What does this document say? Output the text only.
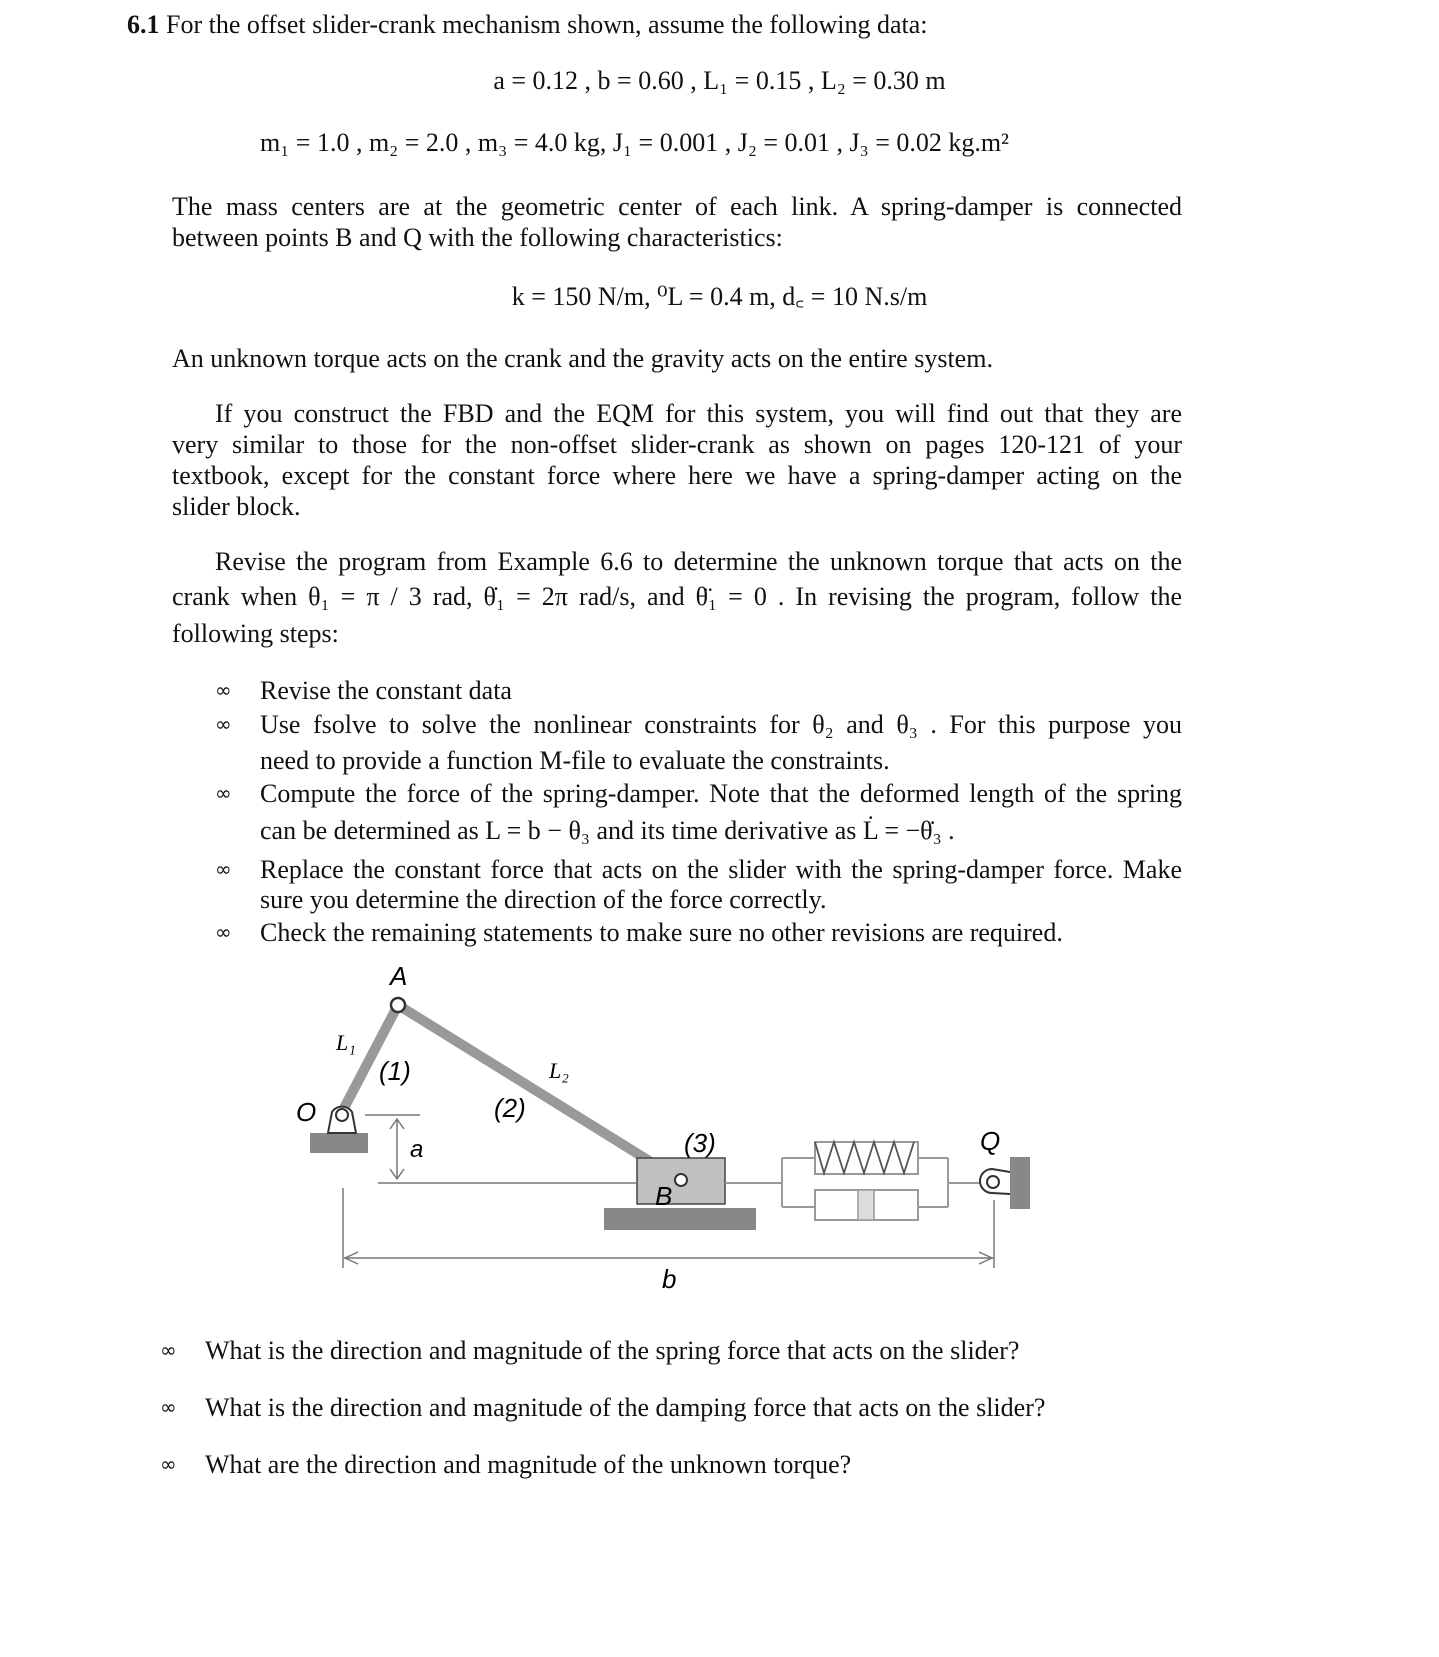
6.1 For the offset slider-crank mechanism shown, assume the following data:
a = 0.12 , b = 0.60 , L₁ = 0.15 , L₂ = 0.30 m
m₁ = 1.0 , m₂ = 2.0 , m₃ = 4.0 kg, J₁ = 0.001 , J₂ = 0.01 , J₃ = 0.02 kg.m²
The mass centers are at the geometric center of each link. A spring-damper is connected
between points B and Q with the following characteristics:
k = 150 N/m, ⁰L = 0.4 m, d꜀ = 10 N.s/m
An unknown torque acts on the crank and the gravity acts on the entire system.
If you construct the FBD and the EQM for this system, you will find out that they are
very similar to those for the non-offset slider-crank as shown on pages 120-121 of your
textbook, except for the constant force where here we have a spring-damper acting on the
slider block.
Revise the program from Example 6.6 to determine the unknown torque that acts on the
crank when θ₁ = π / 3 rad, θ̇₁ = 2π rad/s, and θ̈₁ = 0 . In revising the program, follow the
following steps:
∞ Revise the constant data
∞ Use fsolve to solve the nonlinear constraints for θ₂ and θ₃ . For this purpose you
need to provide a function M-file to evaluate the constraints.
∞ Compute the force of the spring-damper. Note that the deformed length of the spring
can be determined as L = b − θ₃ and its time derivative as L̇ = −θ̇₃ .
∞ Replace the constant force that acts on the slider with the spring-damper force. Make
sure you determine the direction of the force correctly.
∞ Check the remaining statements to make sure no other revisions are required.
A
O
L₁
L₂
(1)
(2)
(3)
a
B
Q
b
∞ What is the direction and magnitude of the spring force that acts on the slider?
∞ What is the direction and magnitude of the damping force that acts on the slider?
∞ What are the direction and magnitude of the unknown torque?
